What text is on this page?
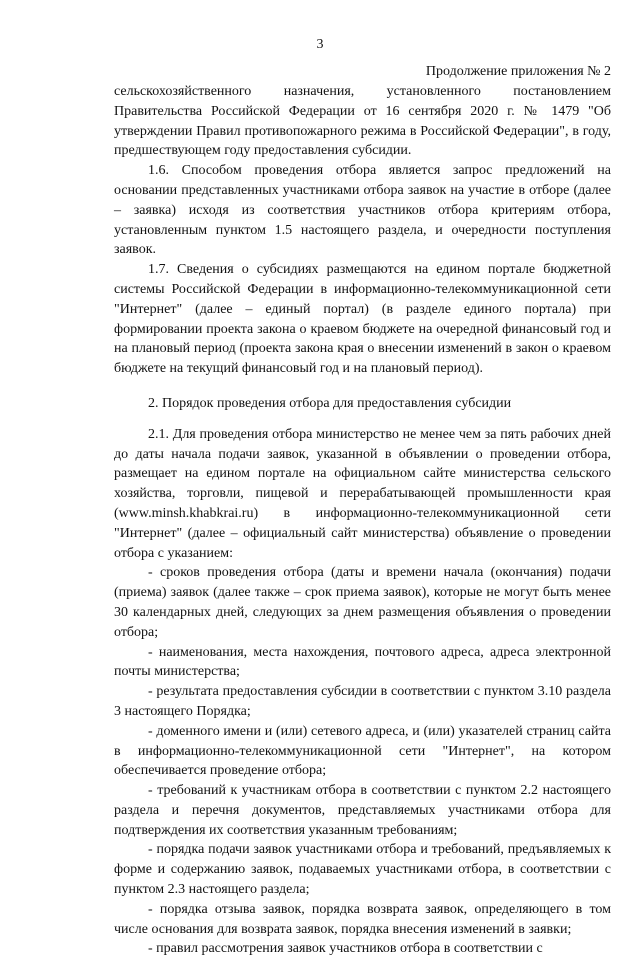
3
Продолжение приложения № 2

сельскохозяйственного назначения, установленного постановлением Правительства Российской Федерации от 16 сентября 2020 г. № 1479 "Об утверждении Правил противопожарного режима в Российской Федерации", в году, предшествующем году предоставления субсидии.

1.6. Способом проведения отбора является запрос предложений на основании представленных участниками отбора заявок на участие в отборе (далее – заявка) исходя из соответствия участников отбора критериям отбора, установленным пунктом 1.5 настоящего раздела, и очередности поступления заявок.

1.7. Сведения о субсидиях размещаются на едином портале бюджетной системы Российской Федерации в информационно-телекоммуникационной сети "Интернет" (далее – единый портал) (в разделе единого портала) при формировании проекта закона о краевом бюджете на очередной финансовый год и на плановый период (проекта закона края о внесении изменений в закон о краевом бюджете на текущий финансовый год и на плановый период).

2. Порядок проведения отбора для предоставления субсидии

2.1. Для проведения отбора министерство не менее чем за пять рабочих дней до даты начала подачи заявок, указанной в объявлении о проведении отбора, размещает на едином портале на официальном сайте министерства сельского хозяйства, торговли, пищевой и перерабатывающей промышленности края (www.minsh.khabkrai.ru) в информационно-телекоммуникационной сети "Интернет" (далее – официальный сайт министерства) объявление о проведении отбора с указанием:

- сроков проведения отбора (даты и времени начала (окончания) подачи (приема) заявок (далее также – срок приема заявок), которые не могут быть менее 30 календарных дней, следующих за днем размещения объявления о проведении отбора;

- наименования, места нахождения, почтового адреса, адреса электронной почты министерства;

- результата предоставления субсидии в соответствии с пунктом 3.10 раздела 3 настоящего Порядка;

- доменного имени и (или) сетевого адреса, и (или) указателей страниц сайта в информационно-телекоммуникационной сети "Интернет", на котором обеспечивается проведение отбора;

- требований к участникам отбора в соответствии с пунктом 2.2 настоящего раздела и перечня документов, представляемых участниками отбора для подтверждения их соответствия указанным требованиям;

- порядка подачи заявок участниками отбора и требований, предъявляемых к форме и содержанию заявок, подаваемых участниками отбора, в соответствии с пунктом 2.3 настоящего раздела;

- порядка отзыва заявок, порядка возврата заявок, определяющего в том числе основания для возврата заявок, порядка внесения изменений в заявки;

- правил рассмотрения заявок участников отбора в соответствии с
